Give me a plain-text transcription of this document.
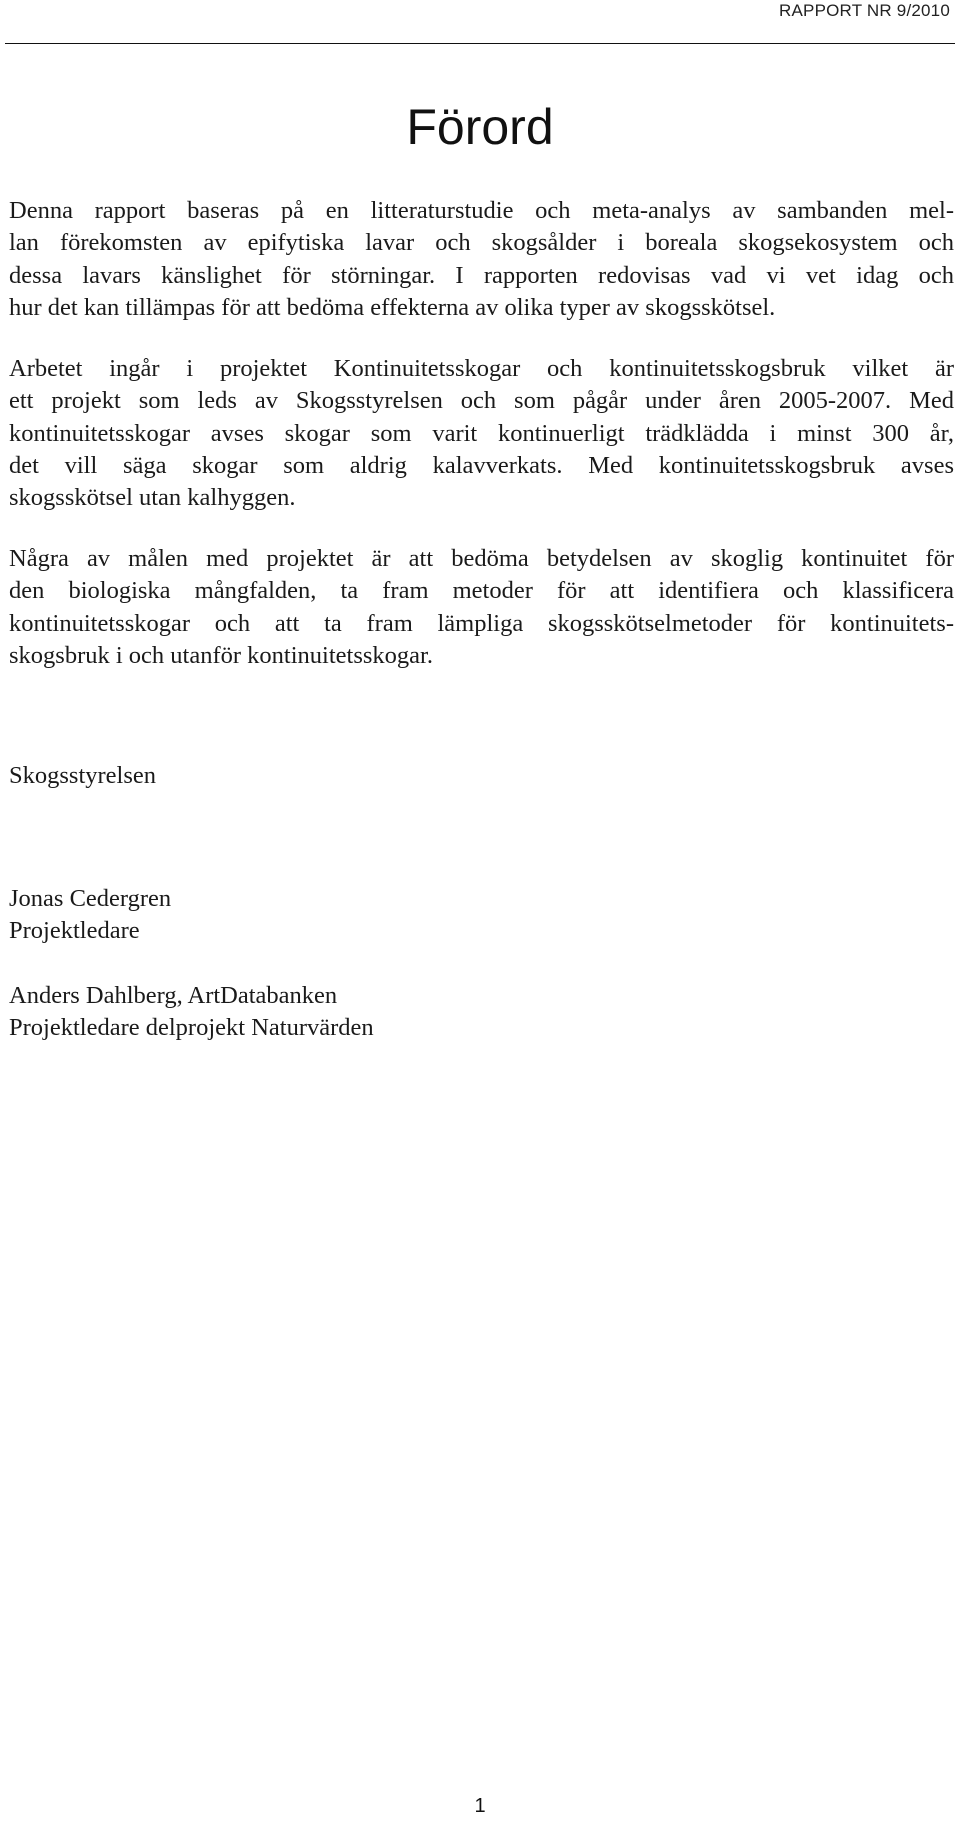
RAPPORT NR 9/2010
Förord
Denna rapport baseras på en litteraturstudie och meta-analys av sambanden mel-
lan förekomsten av epifytiska lavar och skogsålder i boreala skogsekosystem och
dessa lavars känslighet för störningar. I rapporten redovisas vad vi vet idag och
hur det kan tillämpas för att bedöma effekterna av olika typer av skogsskötsel.
Arbetet ingår i projektet Kontinuitetsskogar och kontinuitetsskogsbruk vilket är
ett projekt som leds av Skogsstyrelsen och som pågår under åren 2005-2007. Med
kontinuitetsskogar avses skogar som varit kontinuerligt trädklädda i minst 300 år,
det vill säga skogar som aldrig kalavverkats. Med kontinuitetsskogsbruk avses
skogsskötsel utan kalhyggen.
Några av målen med projektet är att bedöma betydelsen av skoglig kontinuitet för
den biologiska mångfalden, ta fram metoder för att identifiera och klassificera
kontinuitetsskogar och att ta fram lämpliga skogsskötselmetoder för kontinuitets-
skogsbruk i och utanför kontinuitetsskogar.
Skogsstyrelsen
Jonas Cedergren
Projektledare
Anders Dahlberg, ArtDatabanken
Projektledare delprojekt Naturvärden
1
